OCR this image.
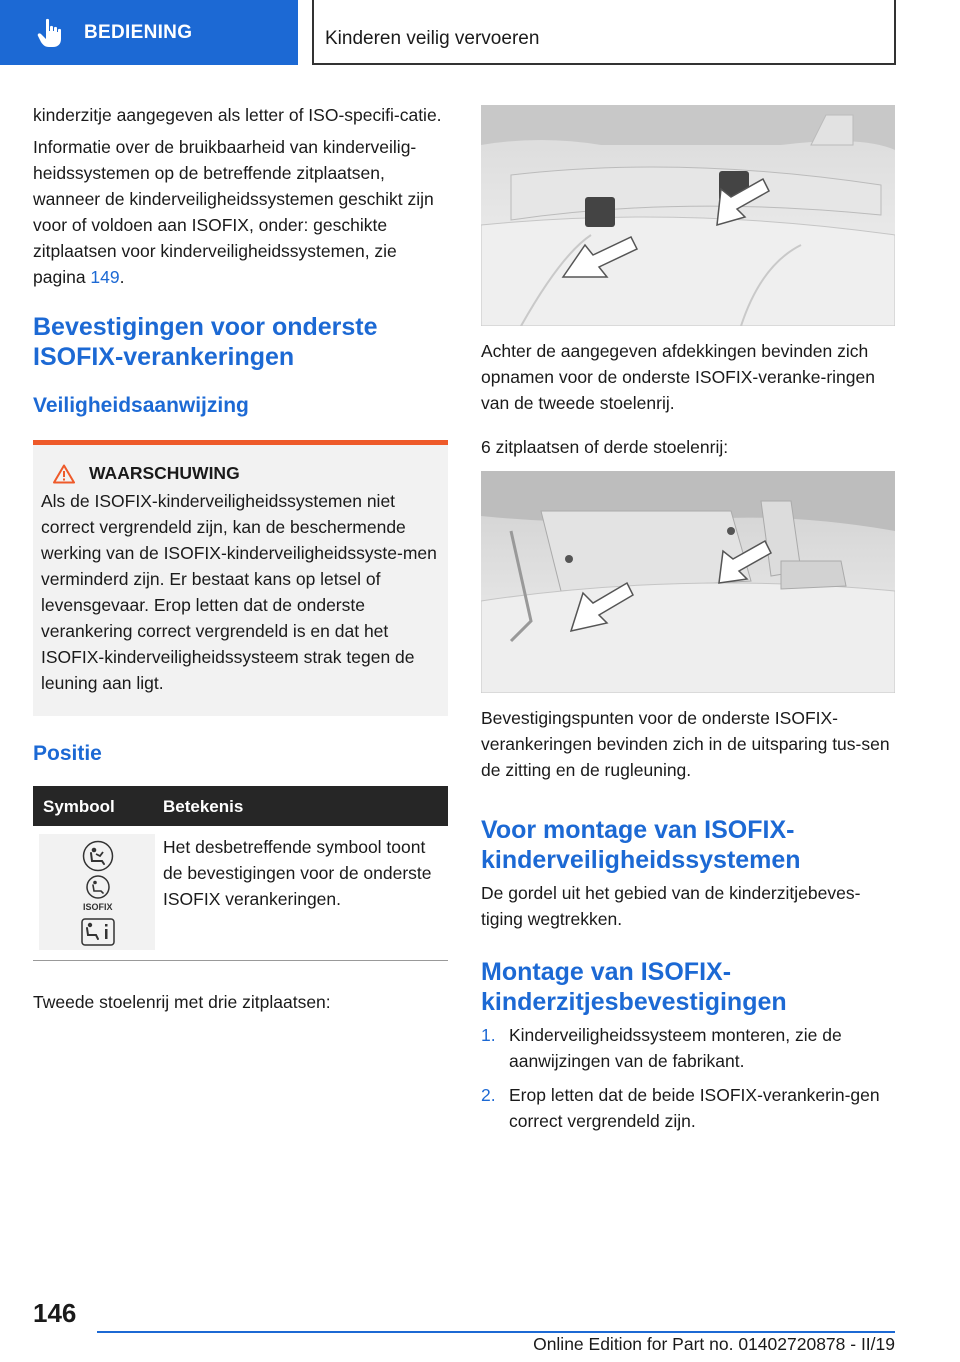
BEDIENING	Kinderen veilig vervoeren

kinderzitje aangegeven als letter of ISO-specifi-catie.

Informatie over de bruikbaarheid van kinderveilig-heidssystemen op de betreffende zitplaatsen, wanneer de kinderveiligheidssystemen geschikt zijn voor of voldoen aan ISOFIX, onder: geschikte zitplaatsen voor kinderveiligheidssystemen, zie pagina 149.

Bevestigingen voor onderste ISOFIX-verankeringen
Veiligheidsaanwijzing
WAARSCHUWING

Als de ISOFIX-kinderveiligheidssystemen niet correct vergrendeld zijn, kan de beschermende werking van de ISOFIX-kinderveiligheidssyste-men verminderd zijn. Er bestaat kans op letsel of levensgevaar. Erop letten dat de onderste verankering correct vergrendeld is en dat het ISOFIX-kinderveiligheidssysteem strak tegen de leuning aan ligt.

Positie
Symbool	Betekenis
ISOFIX
Het desbetreffende symbool toont de bevestigingen voor de onderste ISOFIX verankeringen.

Tweede stoelenrij met drie zitplaatsen:

Achter de aangegeven afdekkingen bevinden zich opnamen voor de onderste ISOFIX-veranke-ringen van de tweede stoelenrij.

6 zitplaatsen of derde stoelenrij:

Bevestigingspunten voor de onderste ISOFIX-verankeringen bevinden zich in de uitsparing tus-sen de zitting en de rugleuning.

Voor montage van ISOFIX-kinderveiligheidssystemen

De gordel uit het gebied van de kinderzitjebeves-tiging wegtrekken.

Montage van ISOFIX-kinderzitjesbevestigingen
1. Kinderveiligheidssysteem monteren, zie de aanwijzingen van de fabrikant.
2. Erop letten dat de beide ISOFIX-verankerin-gen correct vergrendeld zijn.
146
Online Edition for Part no. 01402720878 - II/19
